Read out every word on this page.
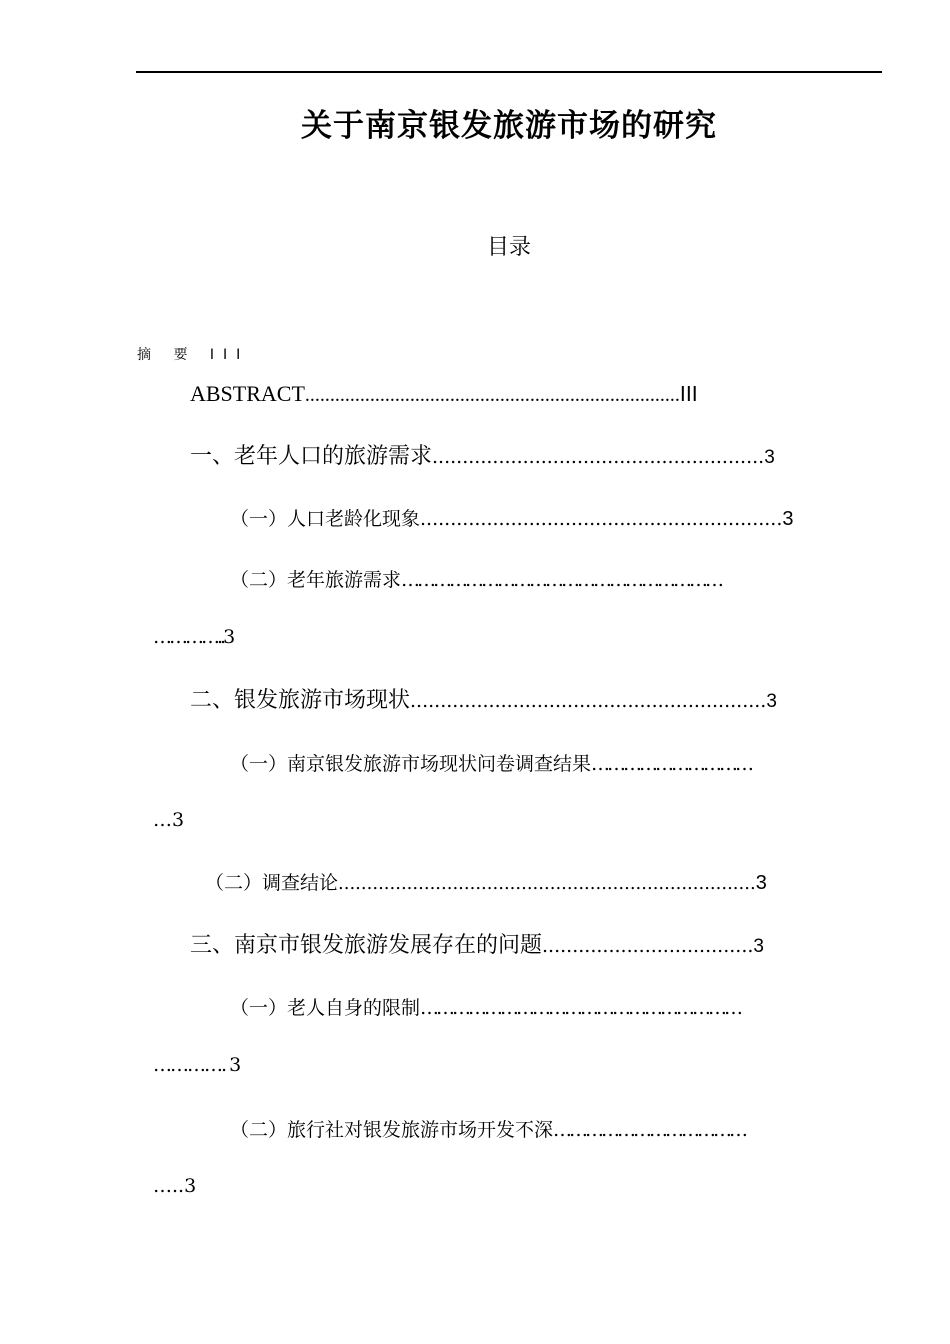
关于南京银发旅游市场的研究
目录
摘 要 III
ABSTRACT...........................................................................III
一、老年人口的旅游需求.......................................................3
（一）人口老龄化现象............................................................3
（二）老年旅游需求……………………………………………………
…………..3
二、银发旅游市场现状...........................................................3
（一）南京银发旅游市场现状问卷调查结果…………………………
…3
（二）调查结论.........................................................................3
三、南京市银发旅游发展存在的问题...................................3
（一）老人自身的限制……………………………………………………
…………. 3
（二）旅行社对银发旅游市场开发不深………………………………
…..3
